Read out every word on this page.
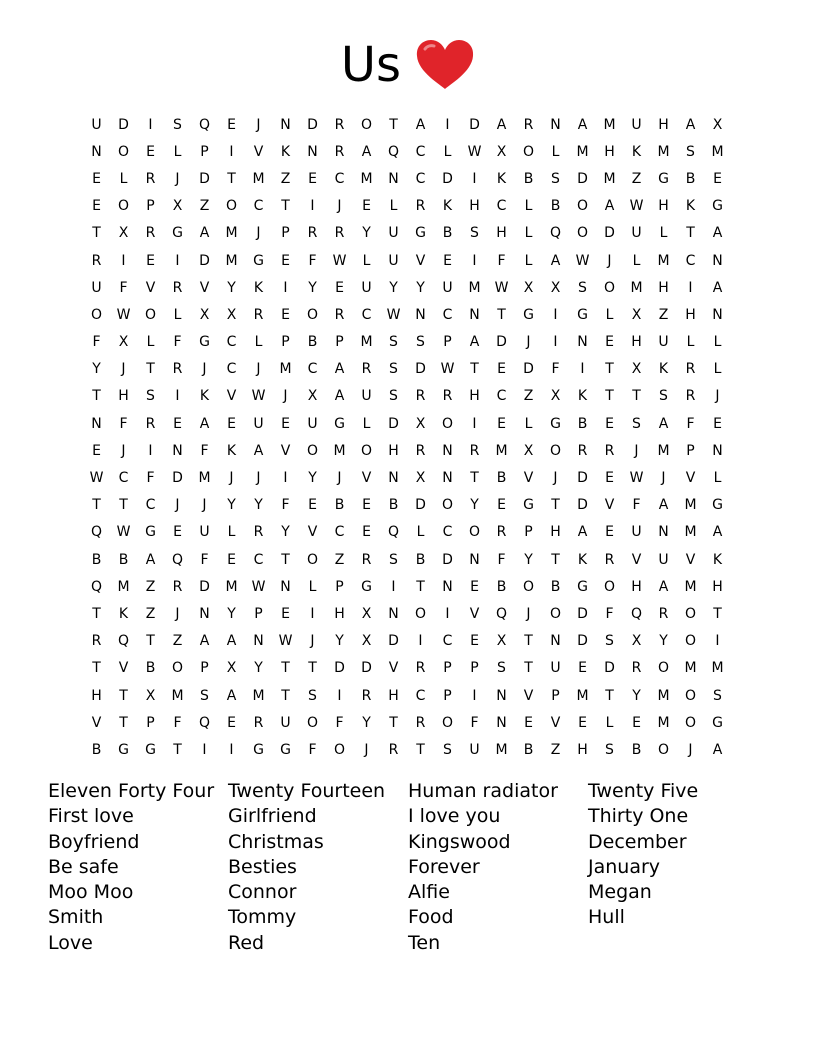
Us
U	D	I	S	Q	E	J	N	D	R	O	T	A	I	D	A	R	N	A	M	U	H	A	X
N	O	E	L	P	I	V	K	N	R	A	Q	C	L	W	X	O	L	M	H	K	M	S	M
E	L	R	J	D	T	M	Z	E	C	M	N	C	D	I	K	B	S	D	M	Z	G	B	E
E	O	P	X	Z	O	C	T	I	J	E	L	R	K	H	C	L	B	O	A	W	H	K	G
T	X	R	G	A	M	J	P	R	R	Y	U	G	B	S	H	L	Q	O	D	U	L	T	A
R	I	E	I	D	M	G	E	F	W	L	U	V	E	I	F	L	A	W	J	L	M	C	N
U	F	V	R	V	Y	K	I	Y	E	U	Y	Y	U	M	W	X	X	S	O	M	H	I	A
O	W	O	L	X	X	R	E	O	R	C	W	N	C	N	T	G	I	G	L	X	Z	H	N
F	X	L	F	G	C	L	P	B	P	M	S	S	P	A	D	J	I	N	E	H	U	L	L
Y	J	T	R	J	C	J	M	C	A	R	S	D	W	T	E	D	F	I	T	X	K	R	L
T	H	S	I	K	V	W	J	X	A	U	S	R	R	H	C	Z	X	K	T	T	S	R	J
N	F	R	E	A	E	U	E	U	G	L	D	X	O	I	E	L	G	B	E	S	A	F	E
E	J	I	N	F	K	A	V	O	M	O	H	R	N	R	M	X	O	R	R	J	M	P	N
W	C	F	D	M	J	J	I	Y	J	V	N	X	N	T	B	V	J	D	E	W	J	V	L
T	T	C	J	J	Y	Y	F	E	B	E	B	D	O	Y	E	G	T	D	V	F	A	M	G
Q	W	G	E	U	L	R	Y	V	C	E	Q	L	C	O	R	P	H	A	E	U	N	M	A
B	B	A	Q	F	E	C	T	O	Z	R	S	B	D	N	F	Y	T	K	R	V	U	V	K
Q	M	Z	R	D	M	W	N	L	P	G	I	T	N	E	B	O	B	G	O	H	A	M	H
T	K	Z	J	N	Y	P	E	I	H	X	N	O	I	V	Q	J	O	D	F	Q	R	O	T
R	Q	T	Z	A	A	N	W	J	Y	X	D	I	C	E	X	T	N	D	S	X	Y	O	I
T	V	B	O	P	X	Y	T	T	D	D	V	R	P	P	S	T	U	E	D	R	O	M	M
H	T	X	M	S	A	M	T	S	I	R	H	C	P	I	N	V	P	M	T	Y	M	O	S
V	T	P	F	Q	E	R	U	O	F	Y	T	R	O	F	N	E	V	E	L	E	M	O	G
B	G	G	T	I	I	G	G	F	O	J	R	T	S	U	M	B	Z	H	S	B	O	J	A
Eleven Forty Four
First love
Boyfriend
Be safe
Moo Moo
Smith
Love
Twenty Fourteen
Girlfriend
Christmas
Besties
Connor
Tommy
Red
Human radiator
I love you
Kingswood
Forever
Alfie
Food
Ten
Twenty Five
Thirty One
December
January
Megan
Hull
